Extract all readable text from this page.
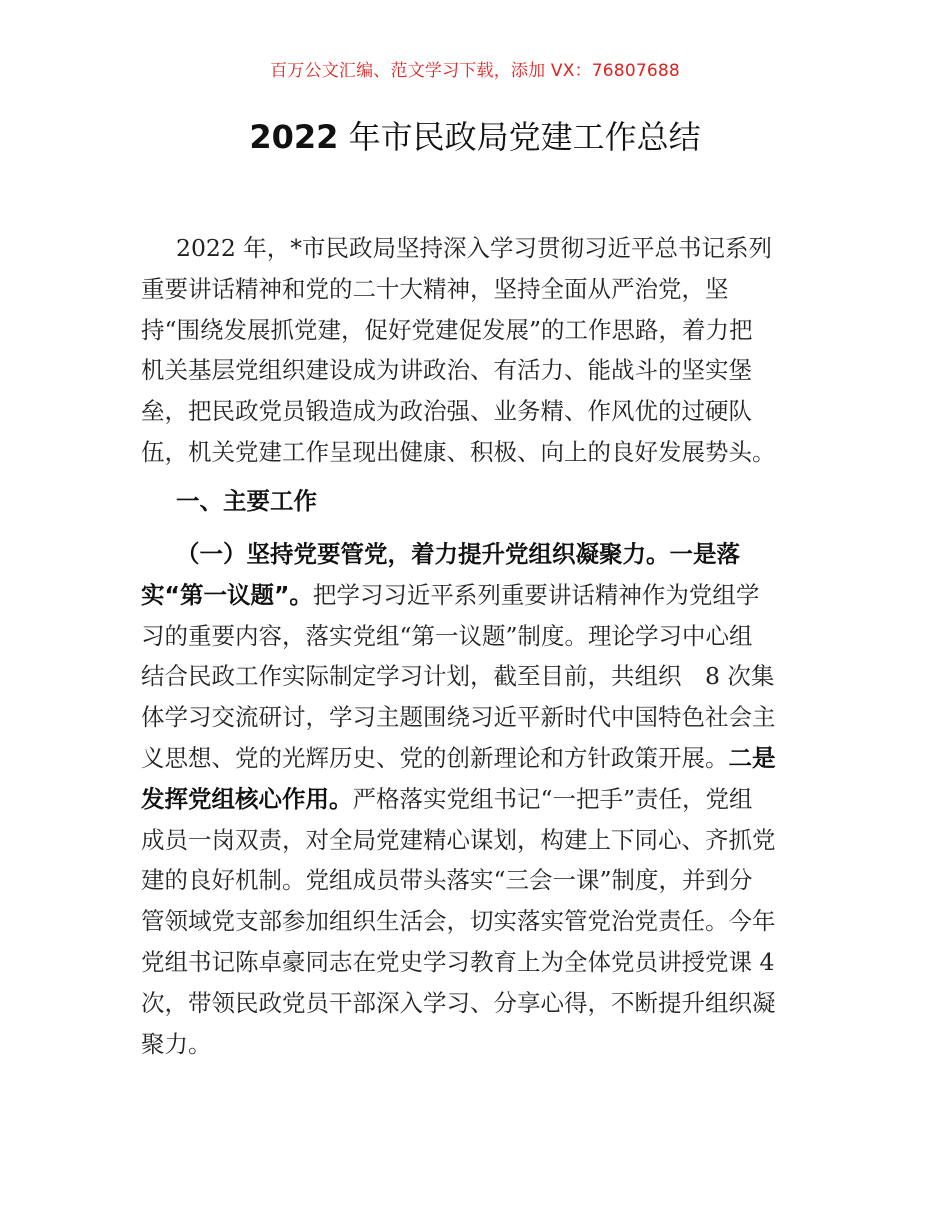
百万公文汇编、范文学习下载，添加 VX：76807688
2022 年市民政局党建工作总结
2022 年，*市民政局坚持深入学习贯彻习近平总书记系列
重要讲话精神和党的二十大精神，坚持全面从严治党，坚
持“围绕发展抓党建，促好党建促发展”的工作思路，着力把
机关基层党组织建设成为讲政治、有活力、能战斗的坚实堡
垒，把民政党员锻造成为政治强、业务精、作风优的过硬队
伍，机关党建工作呈现出健康、积极、向上的良好发展势头。
一、主要工作
（一）坚持党要管党，着力提升党组织凝聚力。一是落
实“第一议题”。把学习习近平系列重要讲话精神作为党组学
习的重要内容，落实党组“第一议题”制度。理论学习中心组
结合民政工作实际制定学习计划，截至目前，共组织　8 次集
体学习交流研讨，学习主题围绕习近平新时代中国特色社会主
义思想、党的光辉历史、党的创新理论和方针政策开展。二是
发挥党组核心作用。严格落实党组书记“一把手”责任，党组
成员一岗双责，对全局党建精心谋划，构建上下同心、齐抓党
建的良好机制。党组成员带头落实“三会一课”制度，并到分
管领域党支部参加组织生活会，切实落实管党治党责任。今年
党组书记陈卓豪同志在党史学习教育上为全体党员讲授党课 4
次，带领民政党员干部深入学习、分享心得，不断提升组织凝
聚力。
